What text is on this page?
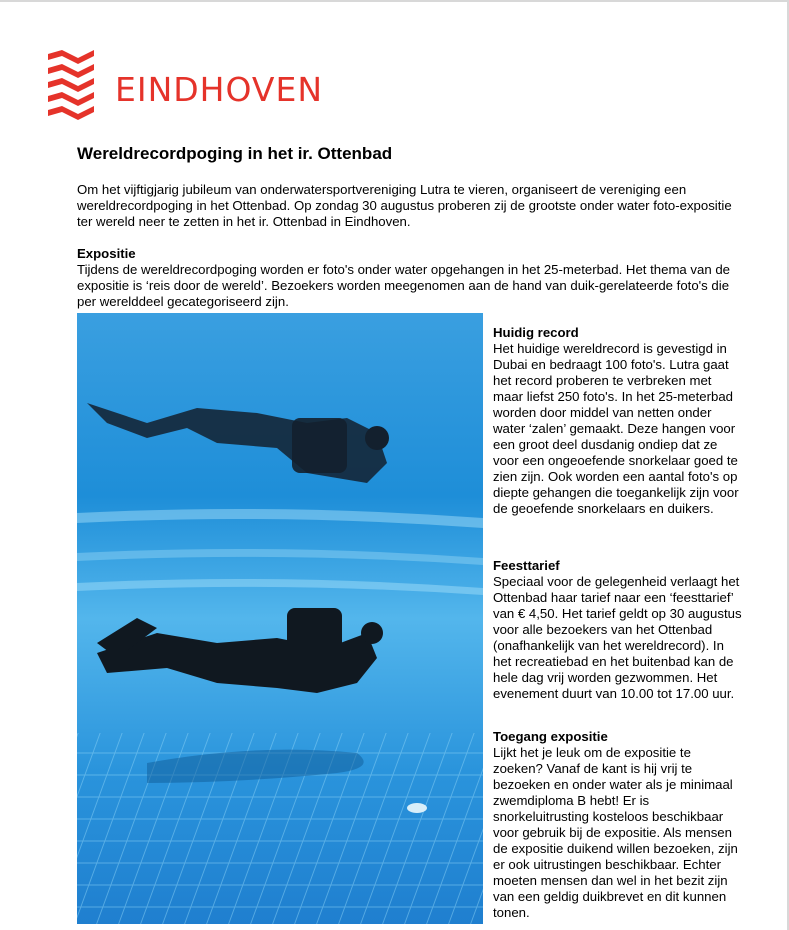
EINDHOVEN
Wereldrecordpoging in het ir. Ottenbad

Om het vijftigjarig jubileum van onderwatersportvereniging Lutra te vieren, organiseert de vereniging een wereldrecordpoging in het Ottenbad. Op zondag 30 augustus proberen zij de grootste onder water foto-expositie ter wereld neer te zetten in het ir. Ottenbad in Eindhoven.

Expositie

Tijdens de wereldrecordpoging worden er foto's onder water opgehangen in het 25-meterbad. Het thema van de expositie is ‘reis door de wereld’. Bezoekers worden meegenomen aan de hand van duik-gerelateerde foto's die per werelddeel gecategoriseerd zijn.

Huidig record

Het huidige wereldrecord is gevestigd in Dubai en bedraagt 100 foto's. Lutra gaat het record proberen te verbreken met maar liefst 250 foto's. In het 25-meterbad worden door middel van netten onder water ‘zalen’ gemaakt. Deze hangen voor een groot deel dusdanig ondiep dat ze voor een ongeoefende snorkelaar goed te zien zijn. Ook worden een aantal foto's op diepte gehangen die toegankelijk zijn voor de geoefende snorkelaars en duikers.

Feesttarief

Speciaal voor de gelegenheid verlaagt het Ottenbad haar tarief naar een ‘feesttarief’ van € 4,50. Het tarief geldt op 30 augustus voor alle bezoekers van het Ottenbad (onafhankelijk van het wereldrecord). In het recreatiebad en het buitenbad kan de hele dag vrij worden gezwommen. Het evenement duurt van 10.00 tot 17.00 uur.

Toegang expositie

Lijkt het je leuk om de expositie te zoeken? Vanaf de kant is hij vrij te bezoeken en onder water als je minimaal zwemdiploma B hebt! Er is snorkeluitrusting kosteloos beschikbaar voor gebruik bij de expositie. Als mensen de expositie duikend willen bezoeken, zijn er ook uitrustingen beschikbaar. Echter moeten mensen dan wel in het bezit zijn van een geldig duikbrevet en dit kunnen tonen.
